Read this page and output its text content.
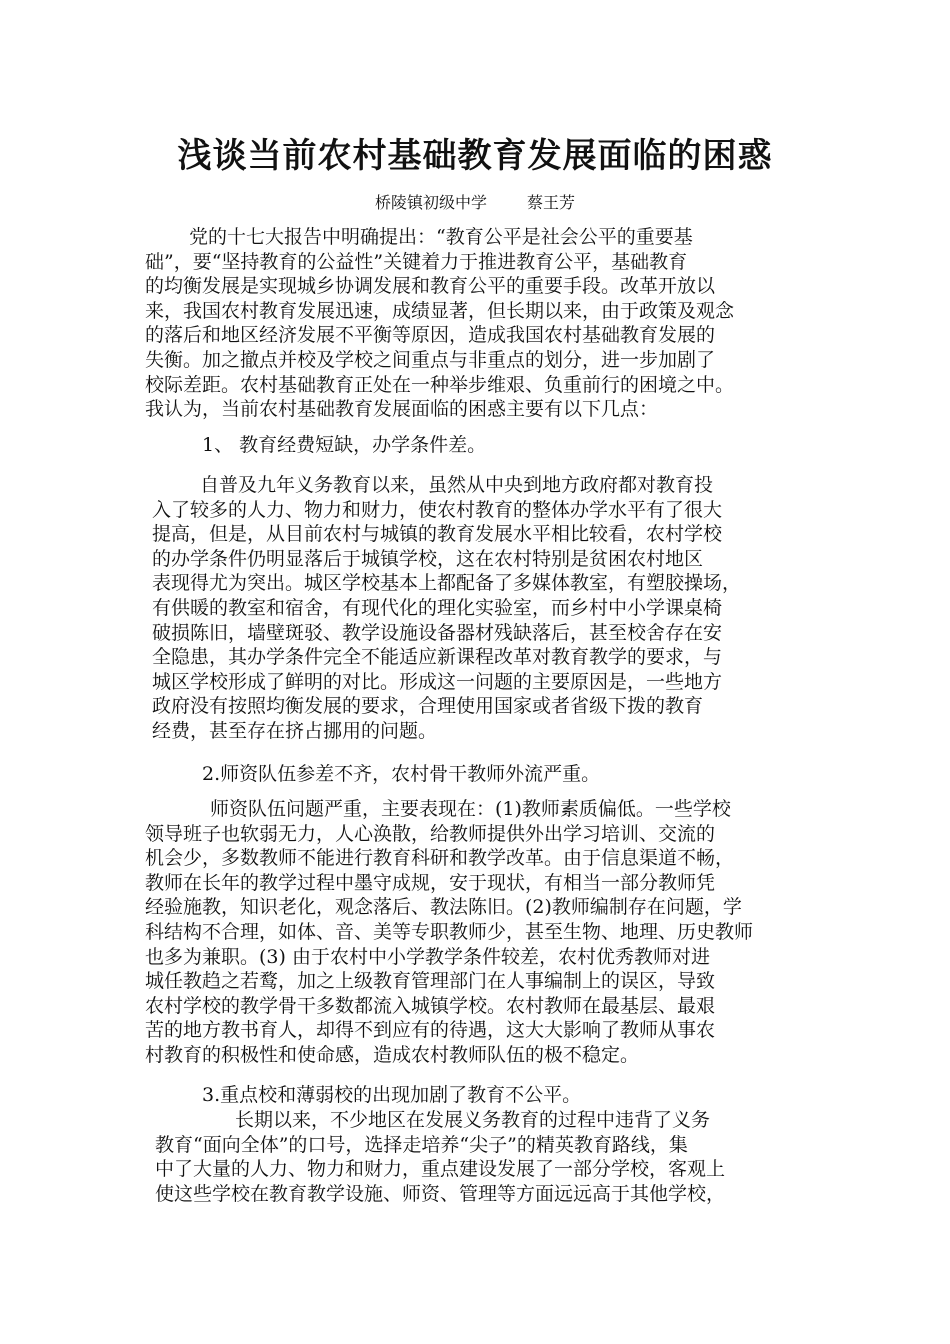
浅谈当前农村基础教育发展面临的困惑
桥陵镇初级中学	蔡王芳
党的十七大报告中明确提出：“教育公平是社会公平的重要基
础”，要“坚持教育的公益性”关键着力于推进教育公平，基础教育
的均衡发展是实现城乡协调发展和教育公平的重要手段。改革开放以
来，我国农村教育发展迅速，成绩显著，但长期以来，由于政策及观念
的落后和地区经济发展不平衡等原因，造成我国农村基础教育发展的
失衡。加之撤点并校及学校之间重点与非重点的划分，进一步加剧了
校际差距。农村基础教育正处在一种举步维艰、负重前行的困境之中。
我认为，当前农村基础教育发展面临的困惑主要有以下几点：
1、 教育经费短缺，办学条件差。
自普及九年义务教育以来，虽然从中央到地方政府都对教育投
入了较多的人力、物力和财力，使农村教育的整体办学水平有了很大
提高，但是，从目前农村与城镇的教育发展水平相比较看，农村学校
的办学条件仍明显落后于城镇学校，这在农村特别是贫困农村地区
表现得尤为突出。城区学校基本上都配备了多媒体教室，有塑胶操场，
有供暖的教室和宿舍，有现代化的理化实验室，而乡村中小学课桌椅
破损陈旧，墙壁斑驳、教学设施设备器材残缺落后，甚至校舍存在安
全隐患，其办学条件完全不能适应新课程改革对教育教学的要求，与
城区学校形成了鲜明的对比。形成这一问题的主要原因是，一些地方
政府没有按照均衡发展的要求，合理使用国家或者省级下拨的教育
经费，甚至存在挤占挪用的问题。
2.师资队伍参差不齐，农村骨干教师外流严重。
师资队伍问题严重，主要表现在：(1)教师素质偏低。一些学校
领导班子也软弱无力，人心涣散，给教师提供外出学习培训、交流的
机会少，多数教师不能进行教育科研和教学改革。由于信息渠道不畅，
教师在长年的教学过程中墨守成规，安于现状，有相当一部分教师凭
经验施教，知识老化，观念落后、教法陈旧。(2)教师编制存在问题，学
科结构不合理，如体、音、美等专职教师少，甚至生物、地理、历史教师
也多为兼职。(3) 由于农村中小学教学条件较差，农村优秀教师对进
城任教趋之若鹜，加之上级教育管理部门在人事编制上的误区，导致
农村学校的教学骨干多数都流入城镇学校。农村教师在最基层、最艰
苦的地方教书育人，却得不到应有的待遇，这大大影响了教师从事农
村教育的积极性和使命感，造成农村教师队伍的极不稳定。
3.重点校和薄弱校的出现加剧了教育不公平。
长期以来，不少地区在发展义务教育的过程中违背了义务
教育“面向全体”的口号，选择走培养“尖子”的精英教育路线，集
中了大量的人力、物力和财力，重点建设发展了一部分学校，客观上
使这些学校在教育教学设施、师资、管理等方面远远高于其他学校，
